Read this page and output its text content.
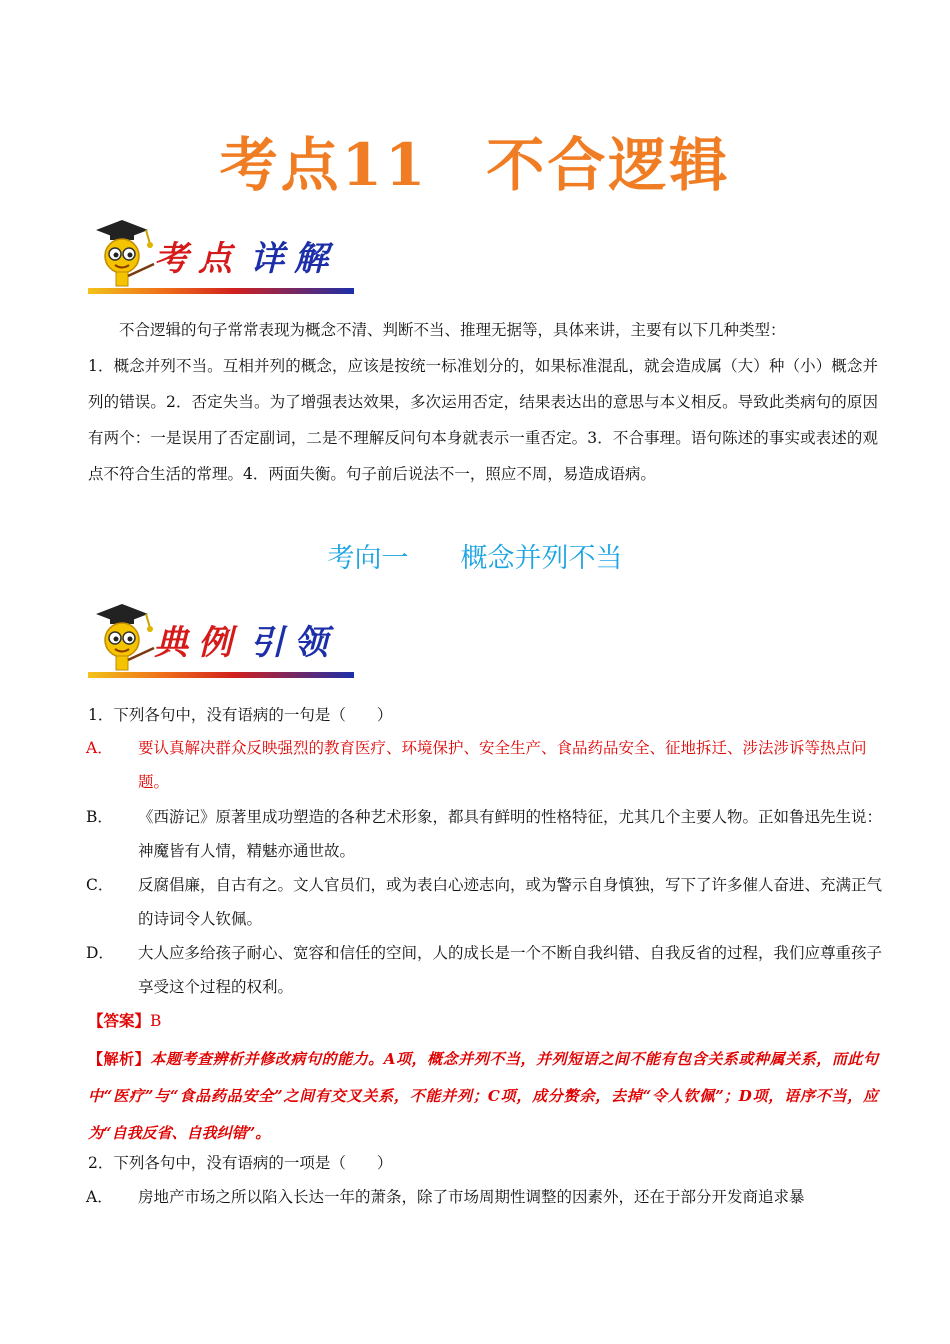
考点11 不合逻辑
考点 详解
不合逻辑的句子常常表现为概念不清、判断不当、推理无据等，具体来讲，主要有以下几种类型：
1．概念并列不当。互相并列的概念，应该是按统一标准划分的，如果标准混乱，就会造成属（大）种（小）概念并列的错误。2．否定失当。为了增强表达效果，多次运用否定，结果表达出的意思与本义相反。导致此类病句的原因有两个：一是误用了否定副词，二是不理解反问句本身就表示一重否定。3．不合事理。语句陈述的事实或表述的观点不符合生活的常理。4．两面失衡。句子前后说法不一，照应不周，易造成语病。
考向一 概念并列不当
典例 引领
1．下列各句中，没有语病的一句是（　　）
A． 要认真解决群众反映强烈的教育医疗、环境保护、安全生产、食品药品安全、征地拆迁、涉法涉诉等热点问题。
B． 《西游记》原著里成功塑造的各种艺术形象，都具有鲜明的性格特征，尤其几个主要人物。正如鲁迅先生说：神魔皆有人情，精魅亦通世故。
C． 反腐倡廉，自古有之。文人官员们，或为表白心迹志向，或为警示自身慎独，写下了许多催人奋进、充满正气的诗词令人钦佩。
D． 大人应多给孩子耐心、宽容和信任的空间，人的成长是一个不断自我纠错、自我反省的过程，我们应尊重孩子享受这个过程的权利。
【答案】B
【解析】本题考查辨析并修改病句的能力。A项，概念并列不当，并列短语之间不能有包含关系或种属关系，而此句中“医疗”与“食品药品安全”之间有交叉关系，不能并列；C项，成分赘余，去掉“令人钦佩”；D项，语序不当，应为“自我反省、自我纠错”。
2．下列各句中，没有语病的一项是（　　）
A． 房地产市场之所以陷入长达一年的萧条，除了市场周期性调整的因素外，还在于部分开发商追求暴
